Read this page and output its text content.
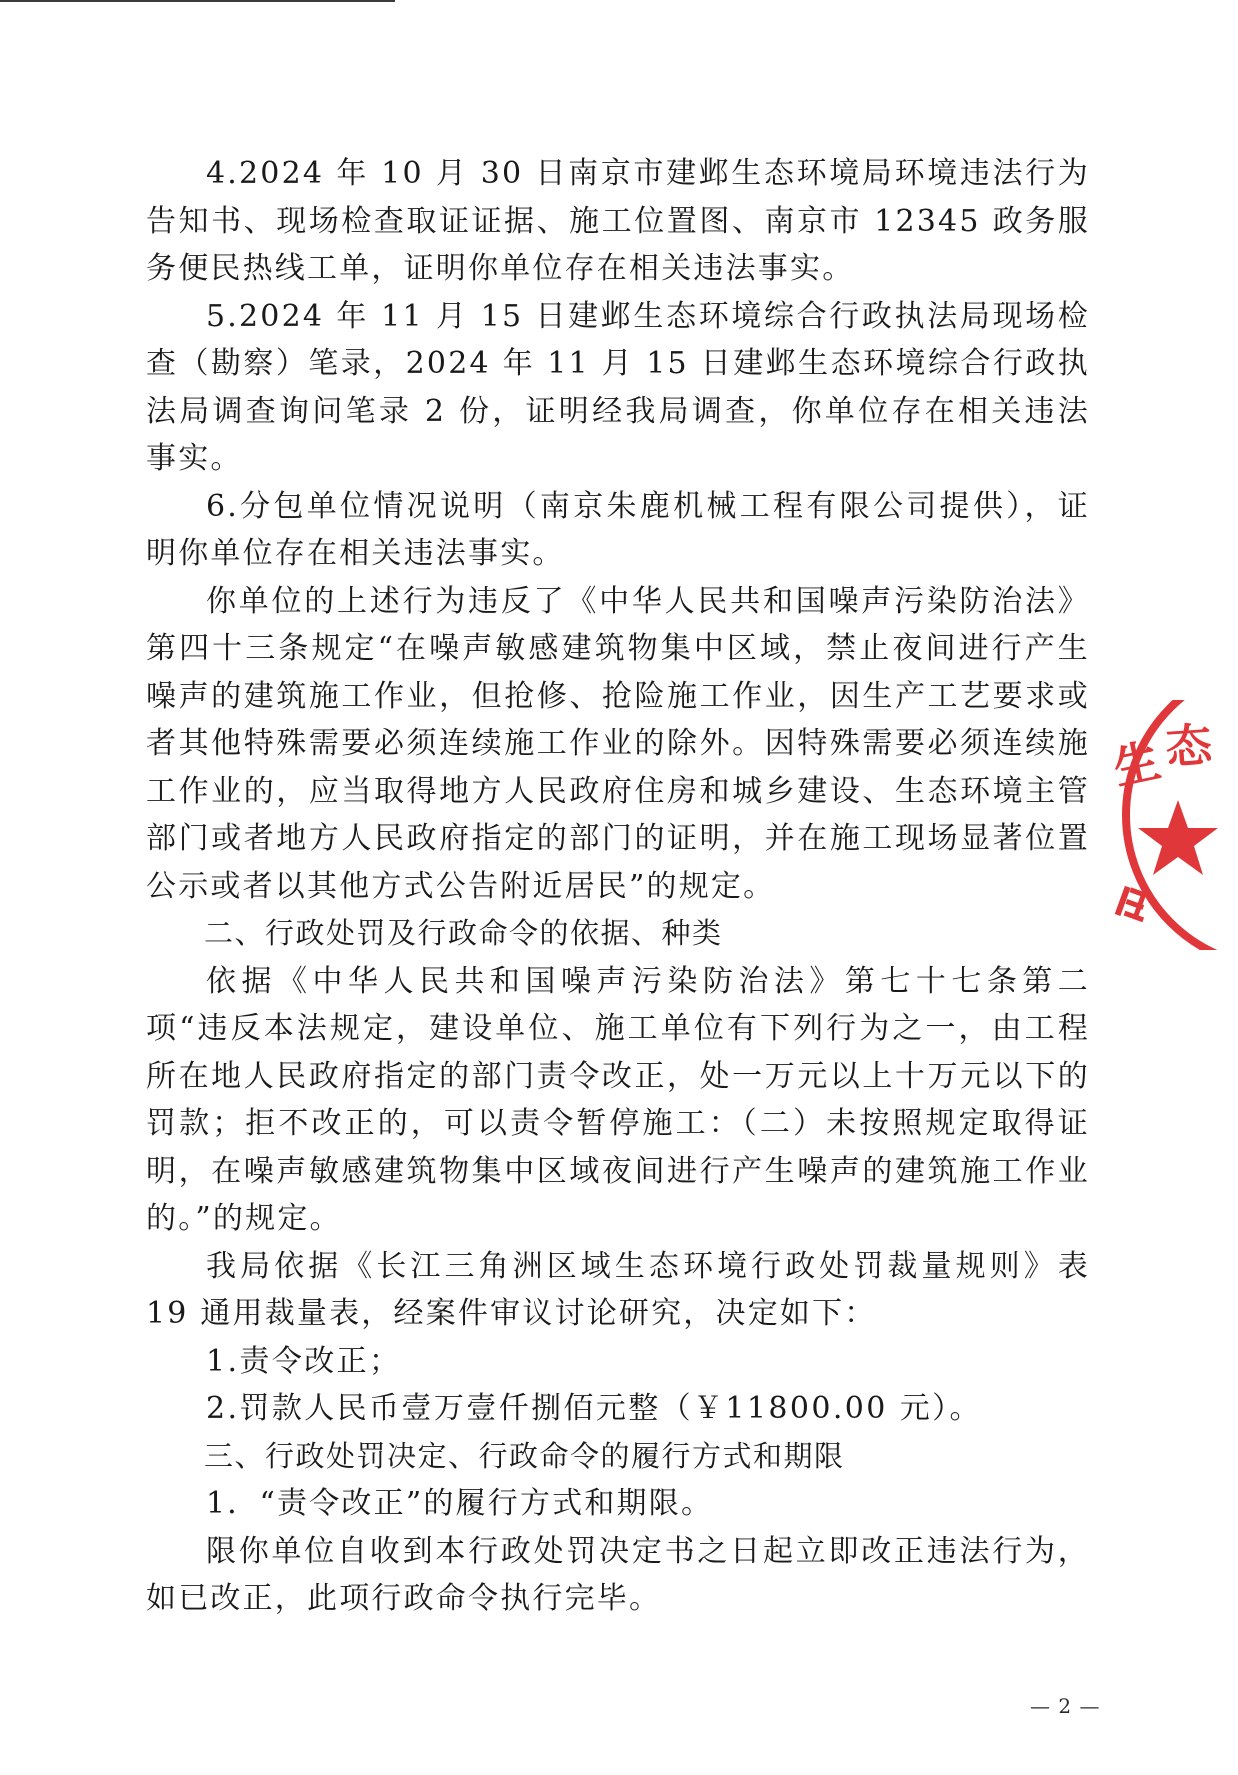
4.2024 年 10 月 30 日南京市建邺生态环境局环境违法行为告知书、现场检查取证证据、施工位置图、南京市 12345 政务服务便民热线工单，证明你单位存在相关违法事实。

5.2024 年 11 月 15 日建邺生态环境综合行政执法局现场检查（勘察）笔录，2024 年 11 月 15 日建邺生态环境综合行政执法局调查询问笔录 2 份，证明经我局调查，你单位存在相关违法事实。

6.分包单位情况说明（南京朱鹿机械工程有限公司提供），证明你单位存在相关违法事实。

你单位的上述行为违反了《中华人民共和国噪声污染防治法》第四十三条规定“在噪声敏感建筑物集中区域，禁止夜间进行产生噪声的建筑施工作业，但抢修、抢险施工作业，因生产工艺要求或者其他特殊需要必须连续施工作业的除外。因特殊需要必须连续施工作业的，应当取得地方人民政府住房和城乡建设、生态环境主管部门或者地方人民政府指定的部门的证明，并在施工现场显著位置公示或者以其他方式公告附近居民”的规定。

二、行政处罚及行政命令的依据、种类

依据《中华人民共和国噪声污染防治法》第七十七条第二项“违反本法规定，建设单位、施工单位有下列行为之一，由工程所在地人民政府指定的部门责令改正，处一万元以上十万元以下的罚款；拒不改正的，可以责令暂停施工：（二）未按照规定取得证明，在噪声敏感建筑物集中区域夜间进行产生噪声的建筑施工作业的。”的规定。

我局依据《长江三角洲区域生态环境行政处罚裁量规则》表 19 通用裁量表，经案件审议讨论研究，决定如下：

1.责令改正；

2.罚款人民币壹万壹仟捌佰元整（￥11800.00 元）。

三、行政处罚决定、行政命令的履行方式和期限

1．“责令改正”的履行方式和期限。

限你单位自收到本行政处罚决定书之日起立即改正违法行为，如已改正，此项行政命令执行完毕。

生
态
— 2 —
